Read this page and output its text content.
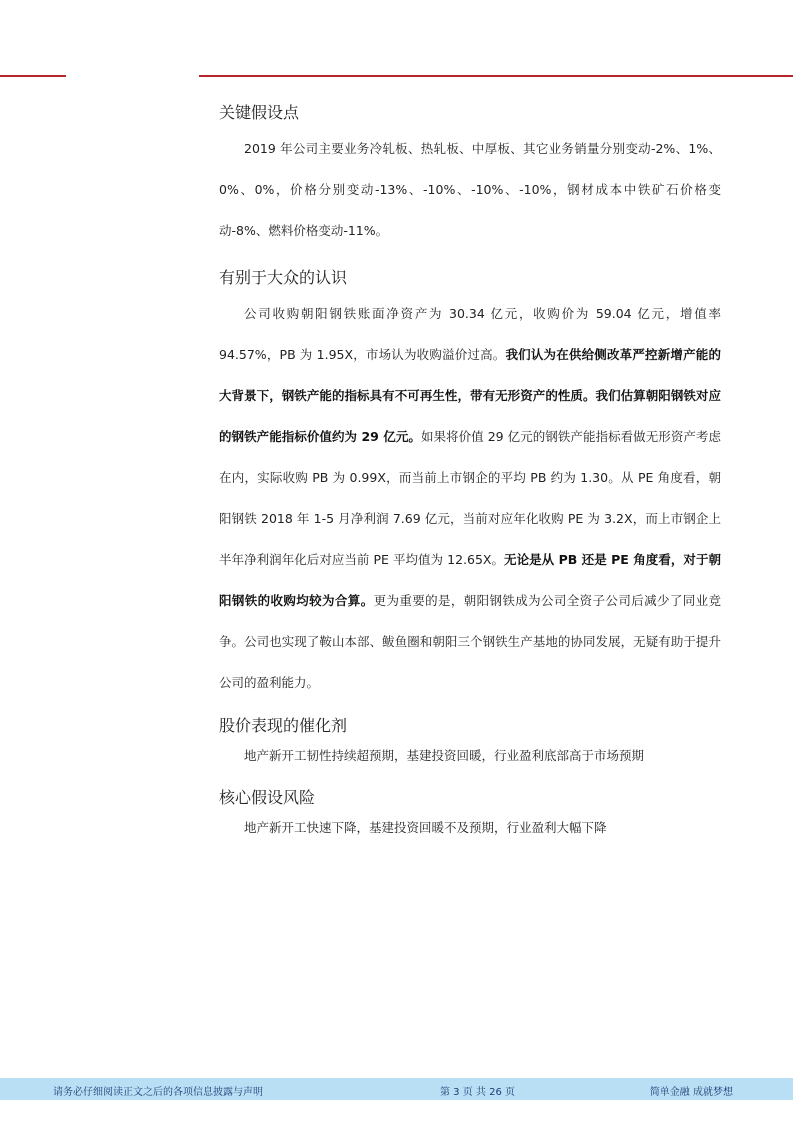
关键假设点

2019 年公司主要业务冷轧板、热轧板、中厚板、其它业务销量分别变动-2%、1%、0%、0%，价格分别变动-13%、-10%、-10%、-10%，钢材成本中铁矿石价格变动-8%、燃料价格变动-11%。

有别于大众的认识

公司收购朝阳钢铁账面净资产为 30.34 亿元，收购价为 59.04 亿元，增值率 94.57%，PB 为 1.95X，市场认为收购溢价过高。我们认为在供给侧改革严控新增产能的大背景下，钢铁产能的指标具有不可再生性，带有无形资产的性质。我们估算朝阳钢铁对应的钢铁产能指标价值约为 29 亿元。如果将价值 29 亿元的钢铁产能指标看做无形资产考虑在内，实际收购 PB 为 0.99X，而当前上市钢企的平均 PB 约为 1.30。从 PE 角度看，朝阳钢铁 2018 年 1-5 月净利润 7.69 亿元，当前对应年化收购 PE 为 3.2X，而上市钢企上半年净利润年化后对应当前 PE 平均值为 12.65X。无论是从 PB 还是 PE 角度看，对于朝阳钢铁的收购均较为合算。更为重要的是，朝阳钢铁成为公司全资子公司后减少了同业竞争。公司也实现了鞍山本部、鲅鱼圈和朝阳三个钢铁生产基地的协同发展，无疑有助于提升公司的盈利能力。

股价表现的催化剂

地产新开工韧性持续超预期，基建投资回暖，行业盈利底部高于市场预期

核心假设风险

地产新开工快速下降，基建投资回暖不及预期，行业盈利大幅下降

请务必仔细阅读正文之后的各项信息披露与声明	第 3 页 共 26 页	简单金融 成就梦想
